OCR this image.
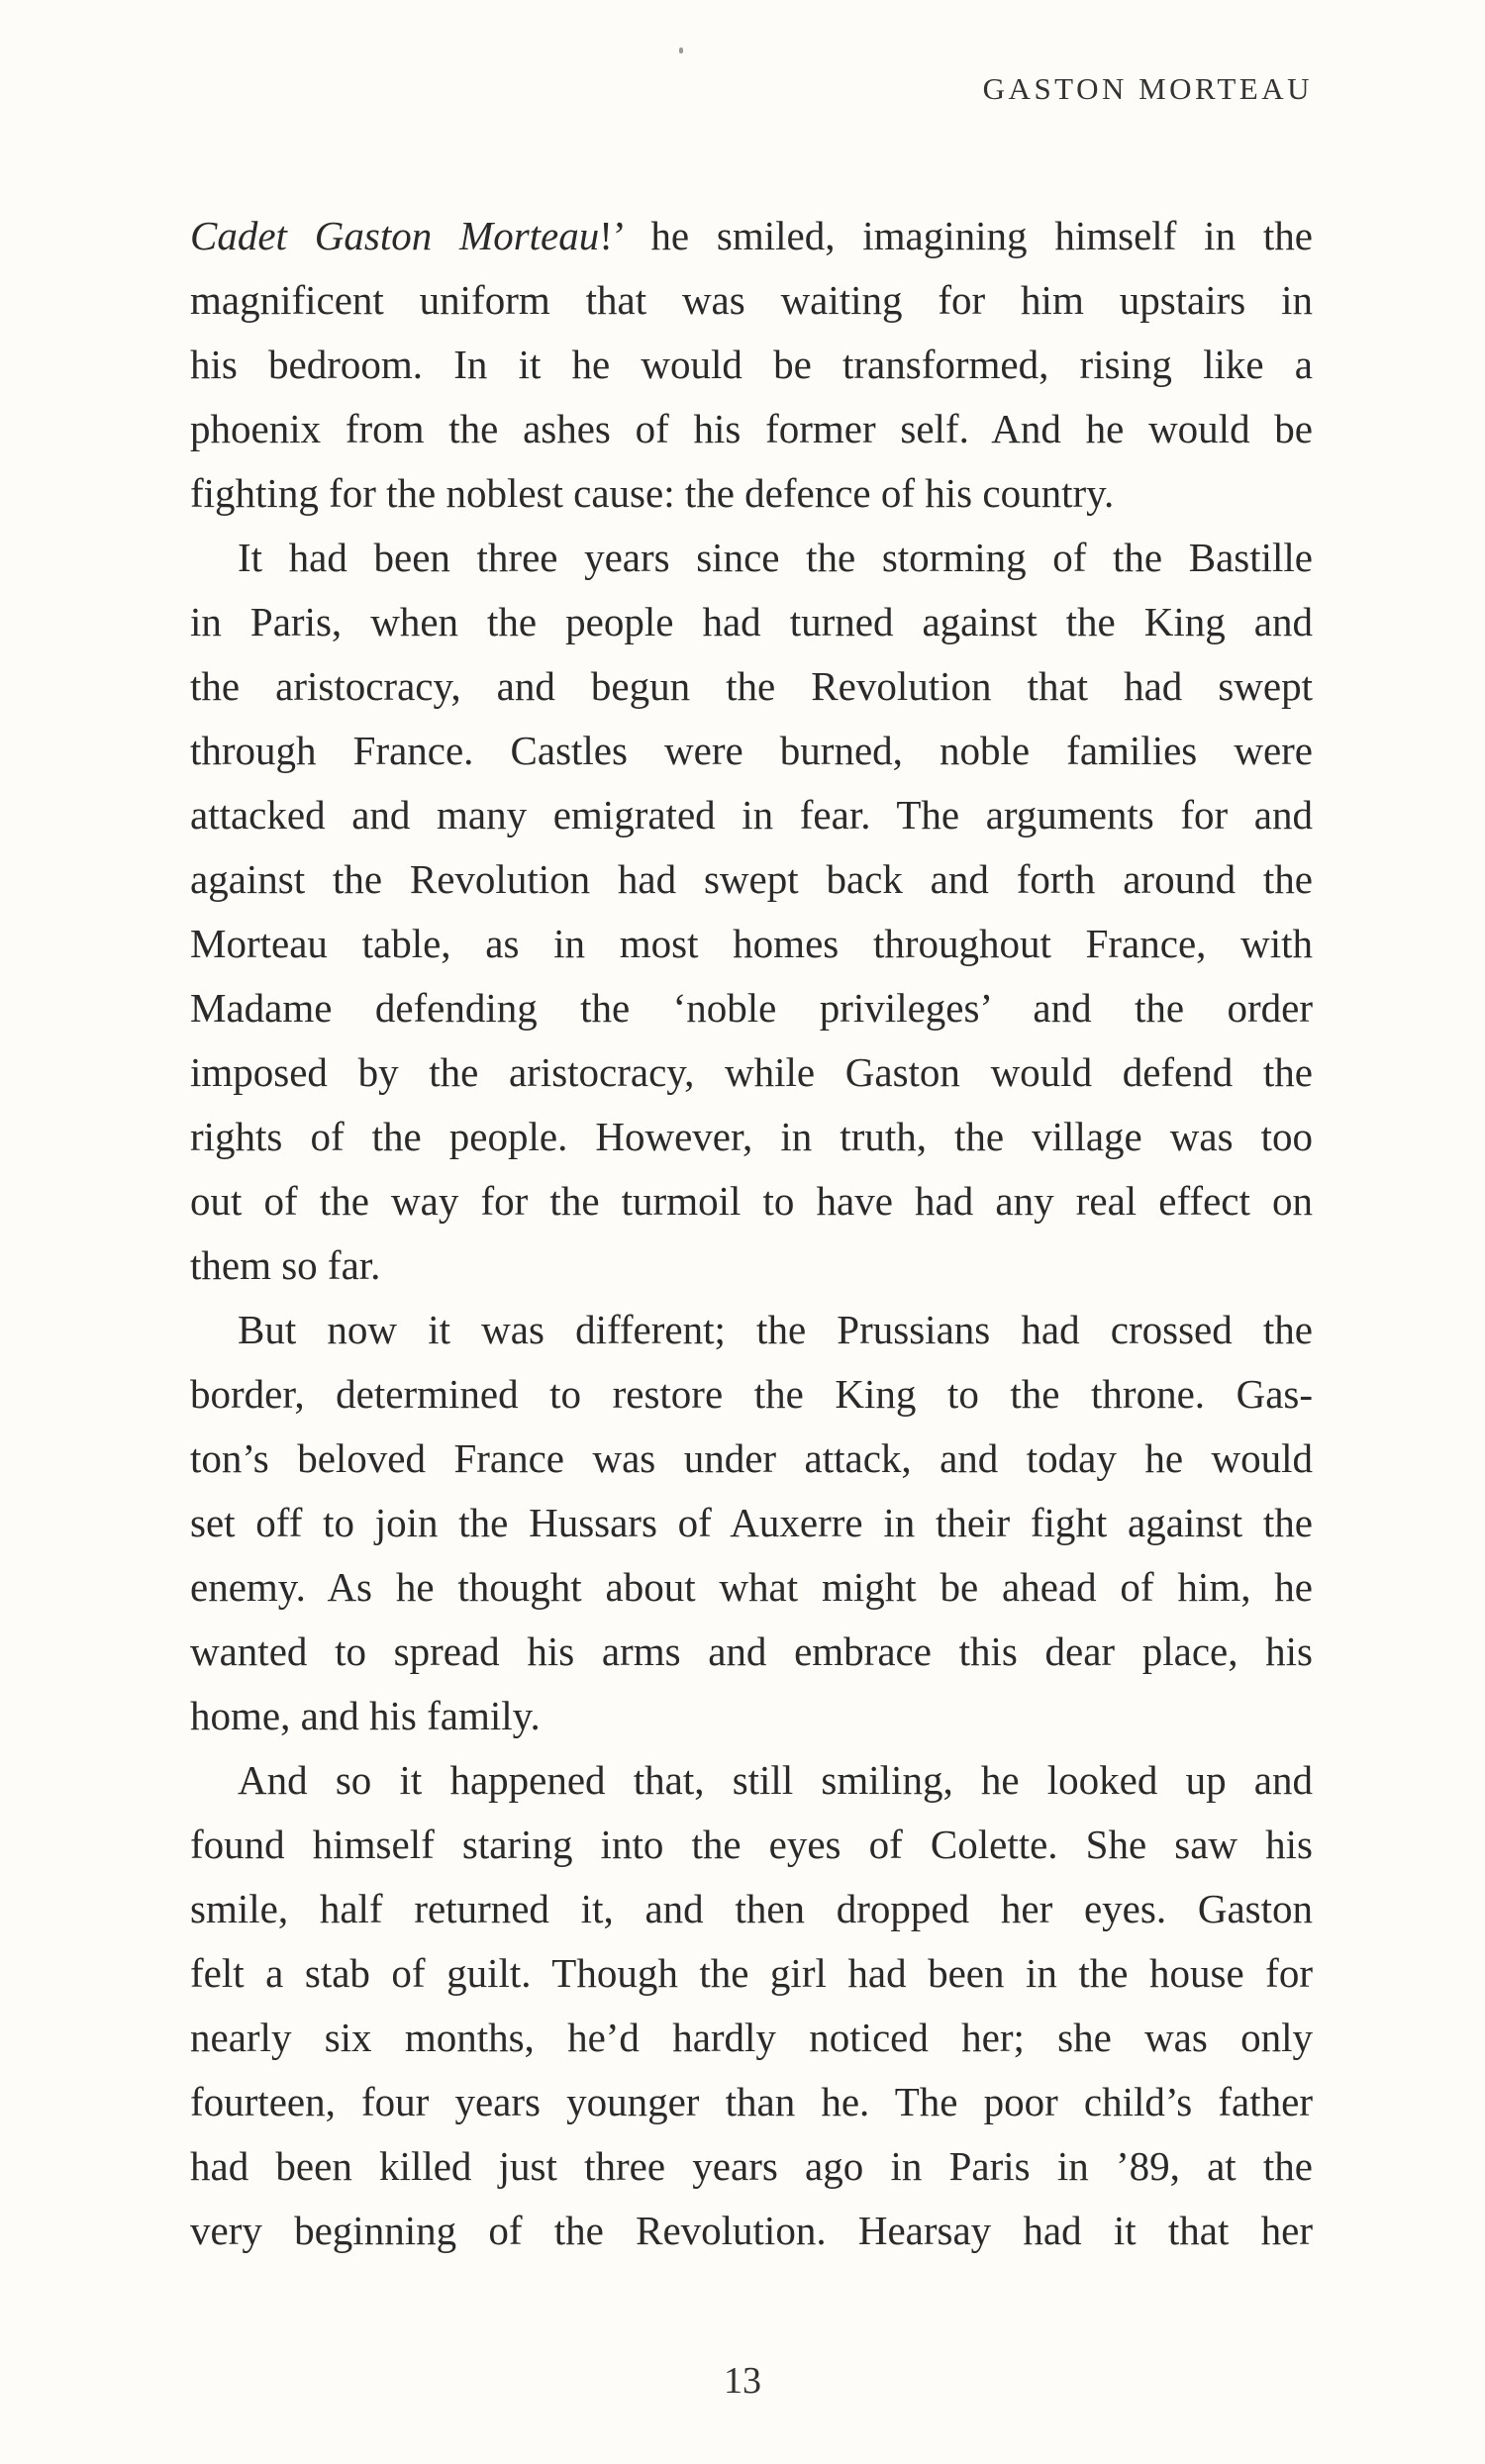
GASTON MORTEAU
Cadet Gaston Morteau!’ he smiled, imagining himself in the
magnificent uniform that was waiting for him upstairs in
his bedroom. In it he would be transformed, rising like a
phoenix from the ashes of his former self. And he would be
fighting for the noblest cause: the defence of his country.
It had been three years since the storming of the Bastille
in Paris, when the people had turned against the King and
the aristocracy, and begun the Revolution that had swept
through France. Castles were burned, noble families were
attacked and many emigrated in fear. The arguments for and
against the Revolution had swept back and forth around the
Morteau table, as in most homes throughout France, with
Madame defending the ‘noble privileges’ and the order
imposed by the aristocracy, while Gaston would defend the
rights of the people. However, in truth, the village was too
out of the way for the turmoil to have had any real effect on
them so far.
But now it was different; the Prussians had crossed the
border, determined to restore the King to the throne. Gas-
ton’s beloved France was under attack, and today he would
set off to join the Hussars of Auxerre in their fight against the
enemy. As he thought about what might be ahead of him, he
wanted to spread his arms and embrace this dear place, his
home, and his family.
And so it happened that, still smiling, he looked up and
found himself staring into the eyes of Colette. She saw his
smile, half returned it, and then dropped her eyes. Gaston
felt a stab of guilt. Though the girl had been in the house for
nearly six months, he’d hardly noticed her; she was only
fourteen, four years younger than he. The poor child’s father
had been killed just three years ago in Paris in ’89, at the
very beginning of the Revolution. Hearsay had it that her
13
